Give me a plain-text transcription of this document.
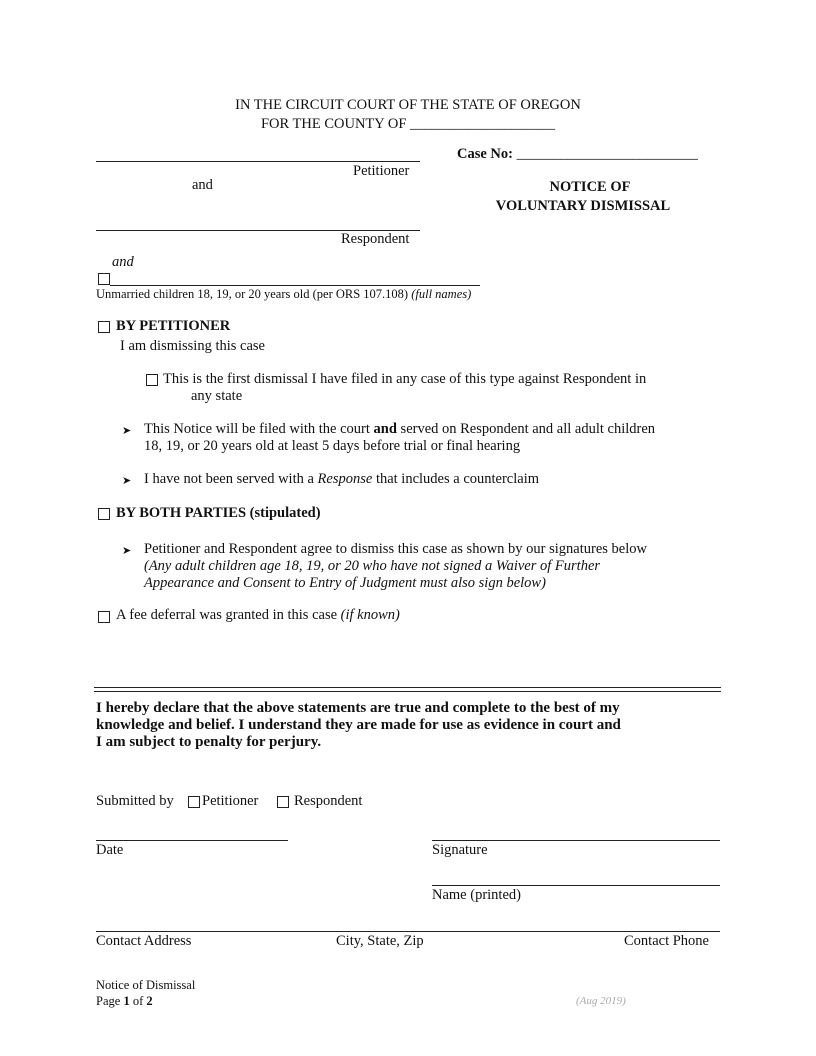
IN THE CIRCUIT COURT OF THE STATE OF OREGON
FOR THE COUNTY OF ____________________
Petitioner
and
Respondent
and
Unmarried children 18, 19, or 20 years old (per ORS 107.108) (full names)
Case No: _________________________
NOTICE OF
VOLUNTARY DISMISSAL
BY PETITIONER
I am dismissing this case
This is the first dismissal I have filed in any case of this type against Respondent in
any state
➤ This Notice will be filed with the court and served on Respondent and all adult children
18, 19, or 20 years old at least 5 days before trial or final hearing
➤ I have not been served with a Response that includes a counterclaim
BY BOTH PARTIES (stipulated)
➤ Petitioner and Respondent agree to dismiss this case as shown by our signatures below
(Any adult children age 18, 19, or 20 who have not signed a Waiver of Further
Appearance and Consent to Entry of Judgment must also sign below)
A fee deferral was granted in this case (if known)
I hereby declare that the above statements are true and complete to the best of my
knowledge and belief. I understand they are made for use as evidence in court and
I am subject to penalty for perjury.
Submitted by Petitioner Respondent
Date	Signature
Name (printed)
Contact Address	City, State, Zip	Contact Phone
Notice of Dismissal
Page 1 of 2	(Aug 2019)
